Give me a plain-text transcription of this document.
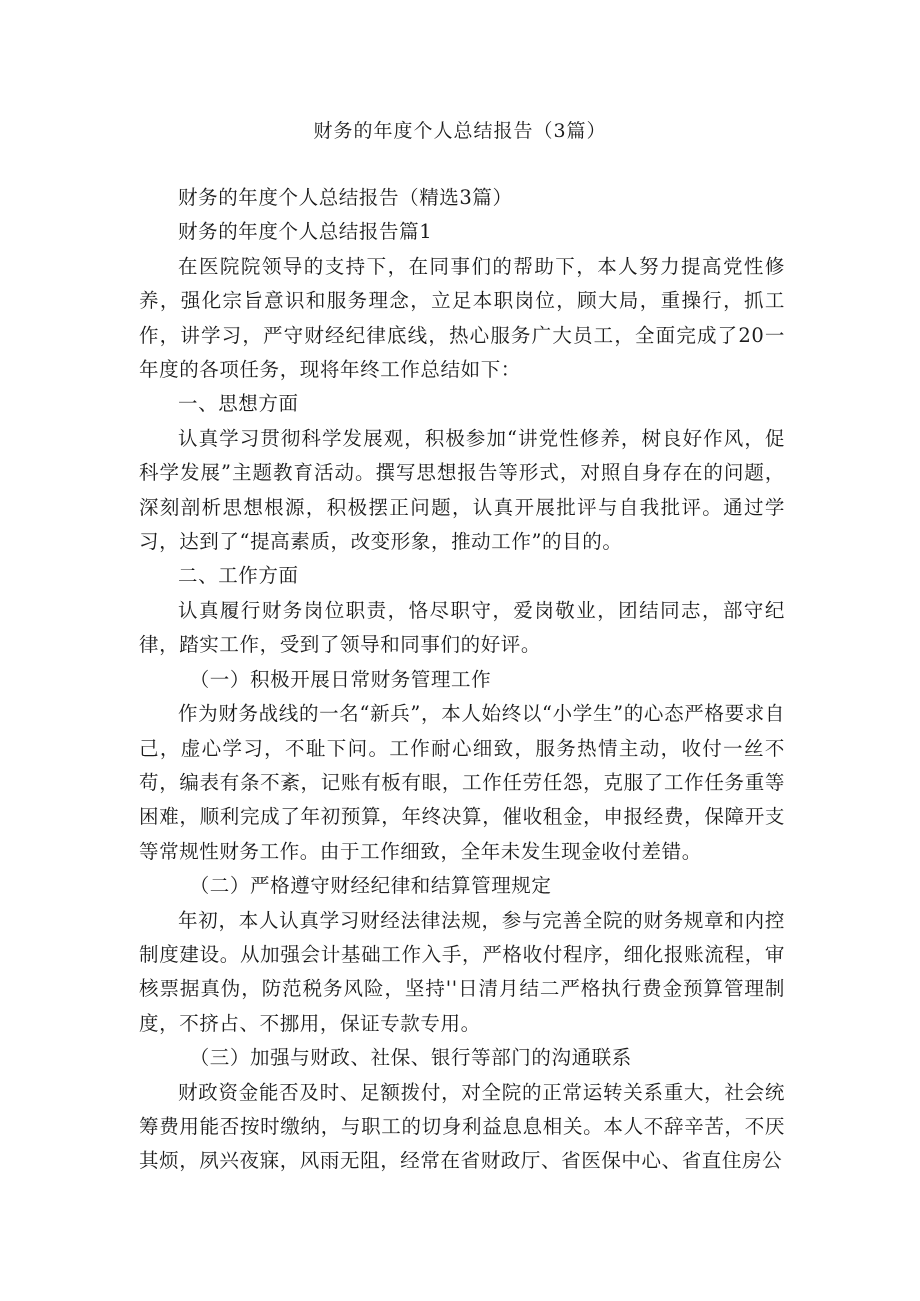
财务的年度个人总结报告（3篇）

财务的年度个人总结报告（精选3篇）

财务的年度个人总结报告篇1

在医院院领导的支持下，在同事们的帮助下，本人努力提高党性修养，强化宗旨意识和服务理念，立足本职岗位，顾大局，重操行，抓工作，讲学习，严守财经纪律底线，热心服务广大员工，全面完成了20一年度的各项任务，现将年终工作总结如下：

一、思想方面

认真学习贯彻科学发展观，积极参加“讲党性修养，树良好作风，促科学发展”主题教育活动。撰写思想报告等形式，对照自身存在的问题，深刻剖析思想根源，积极摆正问题，认真开展批评与自我批评。通过学习，达到了“提高素质，改变形象，推动工作”的目的。

二、工作方面

认真履行财务岗位职责，恪尽职守，爱岗敬业，团结同志，部守纪律，踏实工作，受到了领导和同事们的好评。

（一）积极开展日常财务管理工作

作为财务战线的一名“新兵”，本人始终以“小学生”的心态严格要求自己，虚心学习，不耻下问。工作耐心细致，服务热情主动，收付一丝不苟，编表有条不紊，记账有板有眼，工作任劳任怨，克服了工作任务重等困难，顺利完成了年初预算，年终决算，催收租金，申报经费，保障开支等常规性财务工作。由于工作细致，全年未发生现金收付差错。

（二）严格遵守财经纪律和结算管理规定

年初，本人认真学习财经法律法规，参与完善全院的财务规章和内控制度建设。从加强会计基础工作入手，严格收付程序，细化报账流程，审核票据真伪，防范税务风险，坚持''日清月结二严格执行费金预算管理制度，不挤占、不挪用，保证专款专用。

（三）加强与财政、社保、银行等部门的沟通联系

财政资金能否及时、足额拨付，对全院的正常运转关系重大，社会统筹费用能否按时缴纳，与职工的切身利益息息相关。本人不辞辛苦，不厌其烦，夙兴夜寐，风雨无阻，经常在省财政厅、省医保中心、省直住房公
